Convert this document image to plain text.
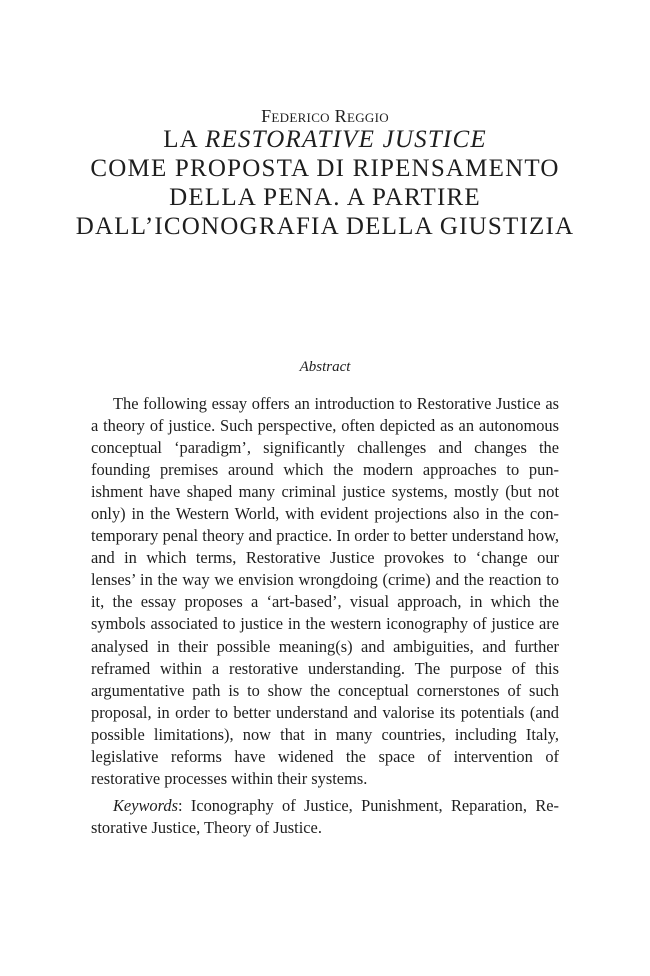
Federico Reggio

LA RESTORATIVE JUSTICE
COME PROPOSTA DI RIPENSAMENTO
DELLA PENA. A PARTIRE
DALL’ICONOGRAFIA DELLA GIUSTIZIA

Abstract

The following essay offers an introduction to Restorative Justice as a theory of justice. Such perspective, often depicted as an autonomous conceptual ‘paradigm’, significantly challenges and changes the founding premises around which the modern approaches to punishment have shaped many criminal justice systems, mostly (but not only) in the Western World, with evident projections also in the contemporary penal theory and practice. In order to better understand how, and in which terms, Restorative Justice provokes to ‘change our lenses’ in the way we envision wrongdoing (crime) and the reaction to it, the essay proposes a ‘art-based’, visual approach, in which the symbols associated to justice in the western iconography of justice are analysed in their possible meaning(s) and ambiguities, and further reframed within a restorative understanding. The purpose of this argumentative path is to show the conceptual cornerstones of such proposal, in order to better understand and valorise its potentials (and possible limitations), now that in many countries, including Italy, legislative reforms have widened the space of intervention of restorative processes within their systems.

Keywords: Iconography of Justice, Punishment, Reparation, Restorative Justice, Theory of Justice.
